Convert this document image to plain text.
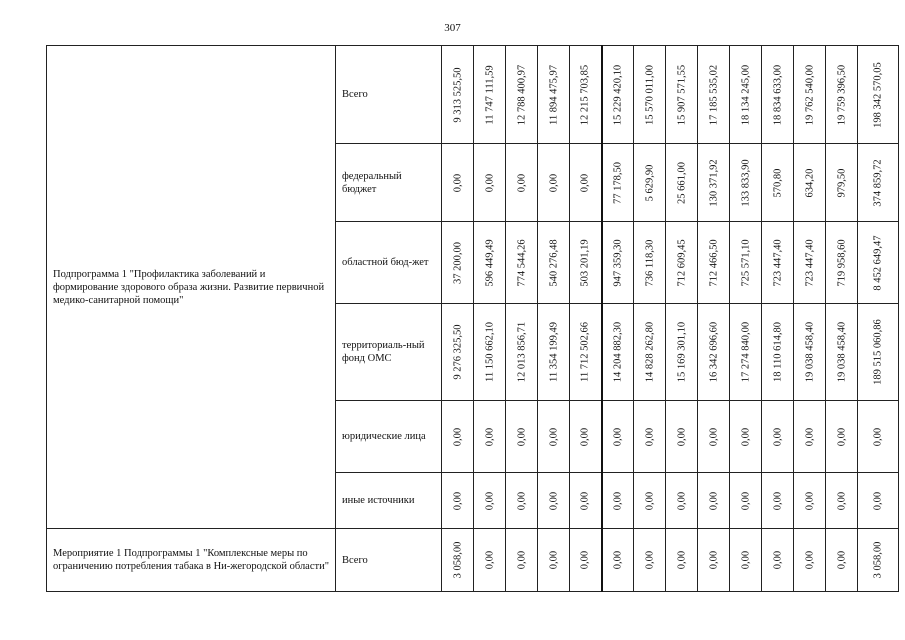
307
Подпрограмма 1 "Профилактика заболеваний и формирование здорового образа жизни. Развитие первичной медико-санитарной помощи"	Всего	9 313 525,50	11 747 111,59	12 788 400,97	11 894 475,97	12 215 703,85	15 229 420,10	15 570 011,00	15 907 571,55	17 185 535,02	18 134 245,00	18 834 633,00	19 762 540,00	19 759 396,50	198 342 570,05

	федеральный бюджет	0,00	0,00	0,00	0,00	0,00	77 178,50	5 629,90	25 661,00	130 371,92	133 833,90	570,80	634,20	979,50	374 859,72

	областной бюд-жет	37 200,00	596 449,49	774 544,26	540 276,48	503 201,19	947 359,30	736 118,30	712 609,45	712 466,50	725 571,10	723 447,40	723 447,40	719 958,60	8 452 649,47

	территориаль-ный фонд ОМС	9 276 325,50	11 150 662,10	12 013 856,71	11 354 199,49	11 712 502,66	14 204 882,30	14 828 262,80	15 169 301,10	16 342 696,60	17 274 840,00	18 110 614,80	19 038 458,40	19 038 458,40	189 515 060,86

	юридические лица	0,00	0,00	0,00	0,00	0,00	0,00	0,00	0,00	0,00	0,00	0,00	0,00	0,00	0,00

	иные источники	0,00	0,00	0,00	0,00	0,00	0,00	0,00	0,00	0,00	0,00	0,00	0,00	0,00	0,00

Мероприятие 1 Подпрограммы 1 "Комплексные меры по ограничению потребления табака в Ни-жегородской области"	Всего	3 058,00	0,00	0,00	0,00	0,00	0,00	0,00	0,00	0,00	0,00	0,00	0,00	0,00	3 058,00
